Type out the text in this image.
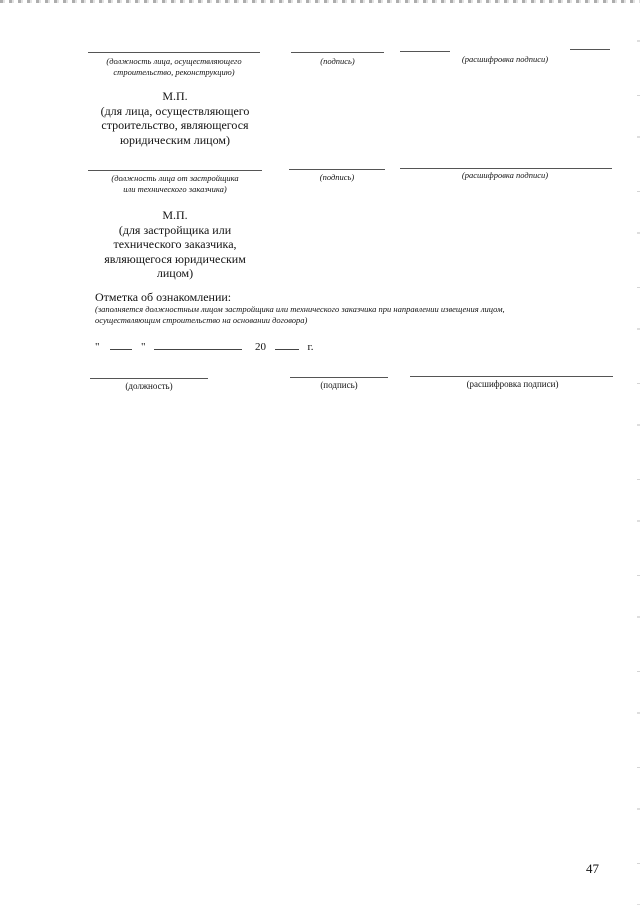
(должность лица, осуществляющего
строительство, реконструкцию)
(подпись)	(расшифровка подписи)
М.П.
(для лица, осуществляющего
строительство, являющегося
юридическим лицом)
(должность лица от застройщика
или технического заказчика)
(подпись)	(расшифровка подписи)
М.П.
(для застройщика или
технического заказчика,
являющегося юридическим
лицом)
Отметка об ознакомлении:
(заполняется должностным лицом застройщика или технического заказчика при направлении извещения лицом,
осуществляющим строительство на основании договора)
"	"	20	г.
(должность)	(подпись)	(расшифровка подписи)
47
